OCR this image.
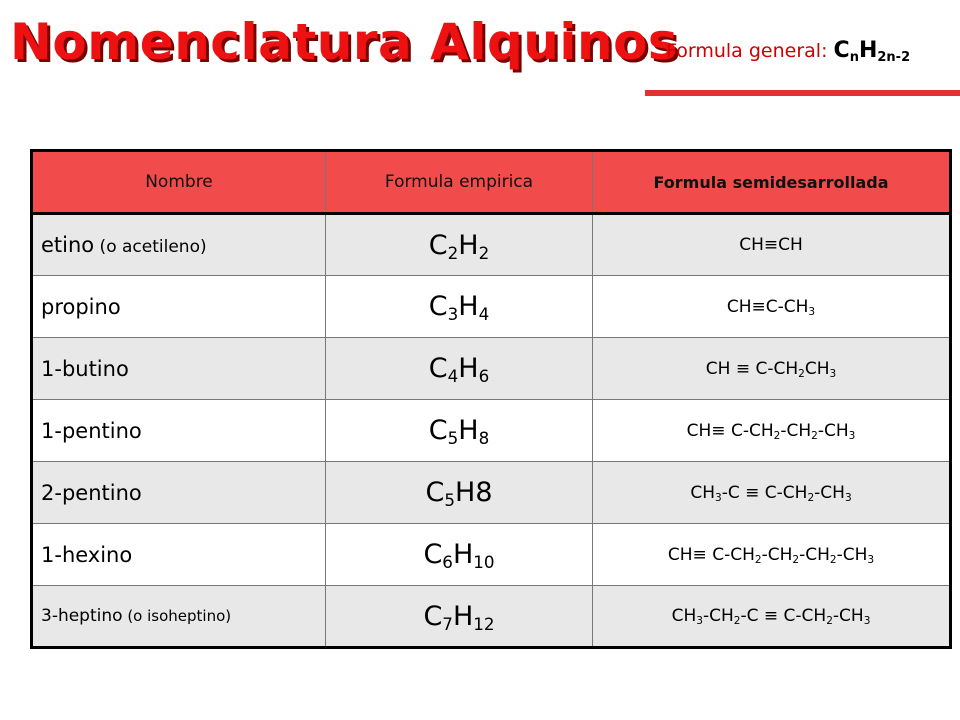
Nomenclatura Alquinos
Formula general: $C_nH_{2n-2}$
Nombre	Formula empirica	Formula semidesarrollada
etino (o acetileno)	$C_2H_2$	CH≡CH
propino	$C_3H_4$	$CH\equiv C-CH_3$
1-butino	$C_4H_6$	CH ≡ $C-CH_2CH_3$
1-pentino	$C_5H_8$	$CH\equiv C-CH_2-CH_2-CH_3$
2-pentino	$C_5H8$	$CH_3-C \equiv C-CH_2-CH_3$
1-hexino	$C_6H_{10}$	$CH\equiv C-CH_2-CH_2-CH_2-CH_3$
3-heptino (o isoheptino)	$C_7H_{12}$	$CH_3-CH_2-C \equiv C-CH_2-CH_3$
